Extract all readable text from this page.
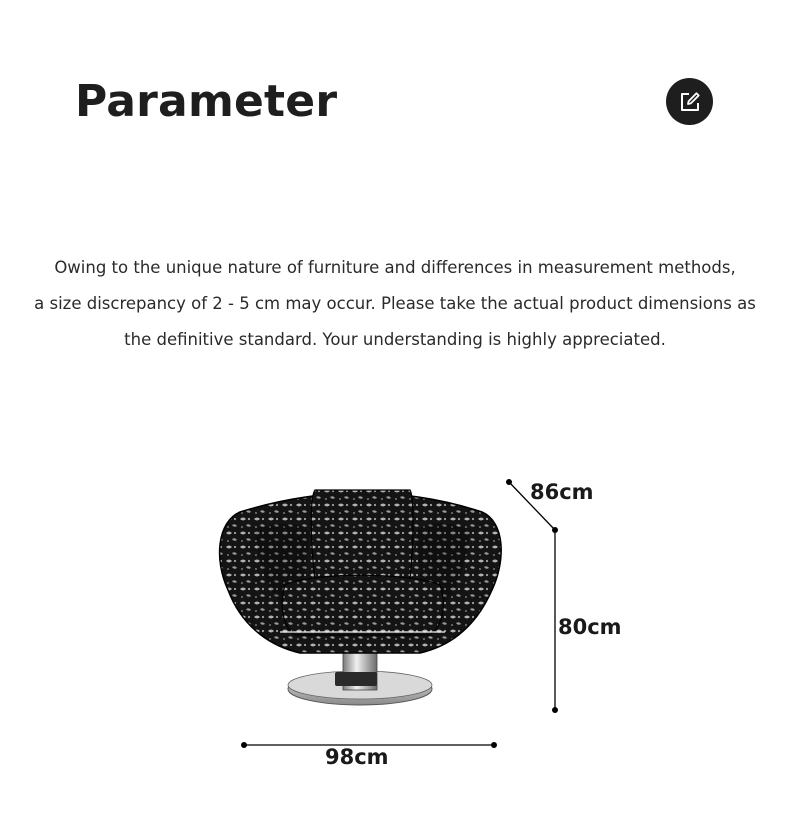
Parameter
Owing to the unique nature of furniture and differences in measurement methods,
a size discrepancy of 2 - 5 cm may occur. Please take the actual product dimensions as
the definitive standard. Your understanding is highly appreciated.
86cm
80cm
98cm
